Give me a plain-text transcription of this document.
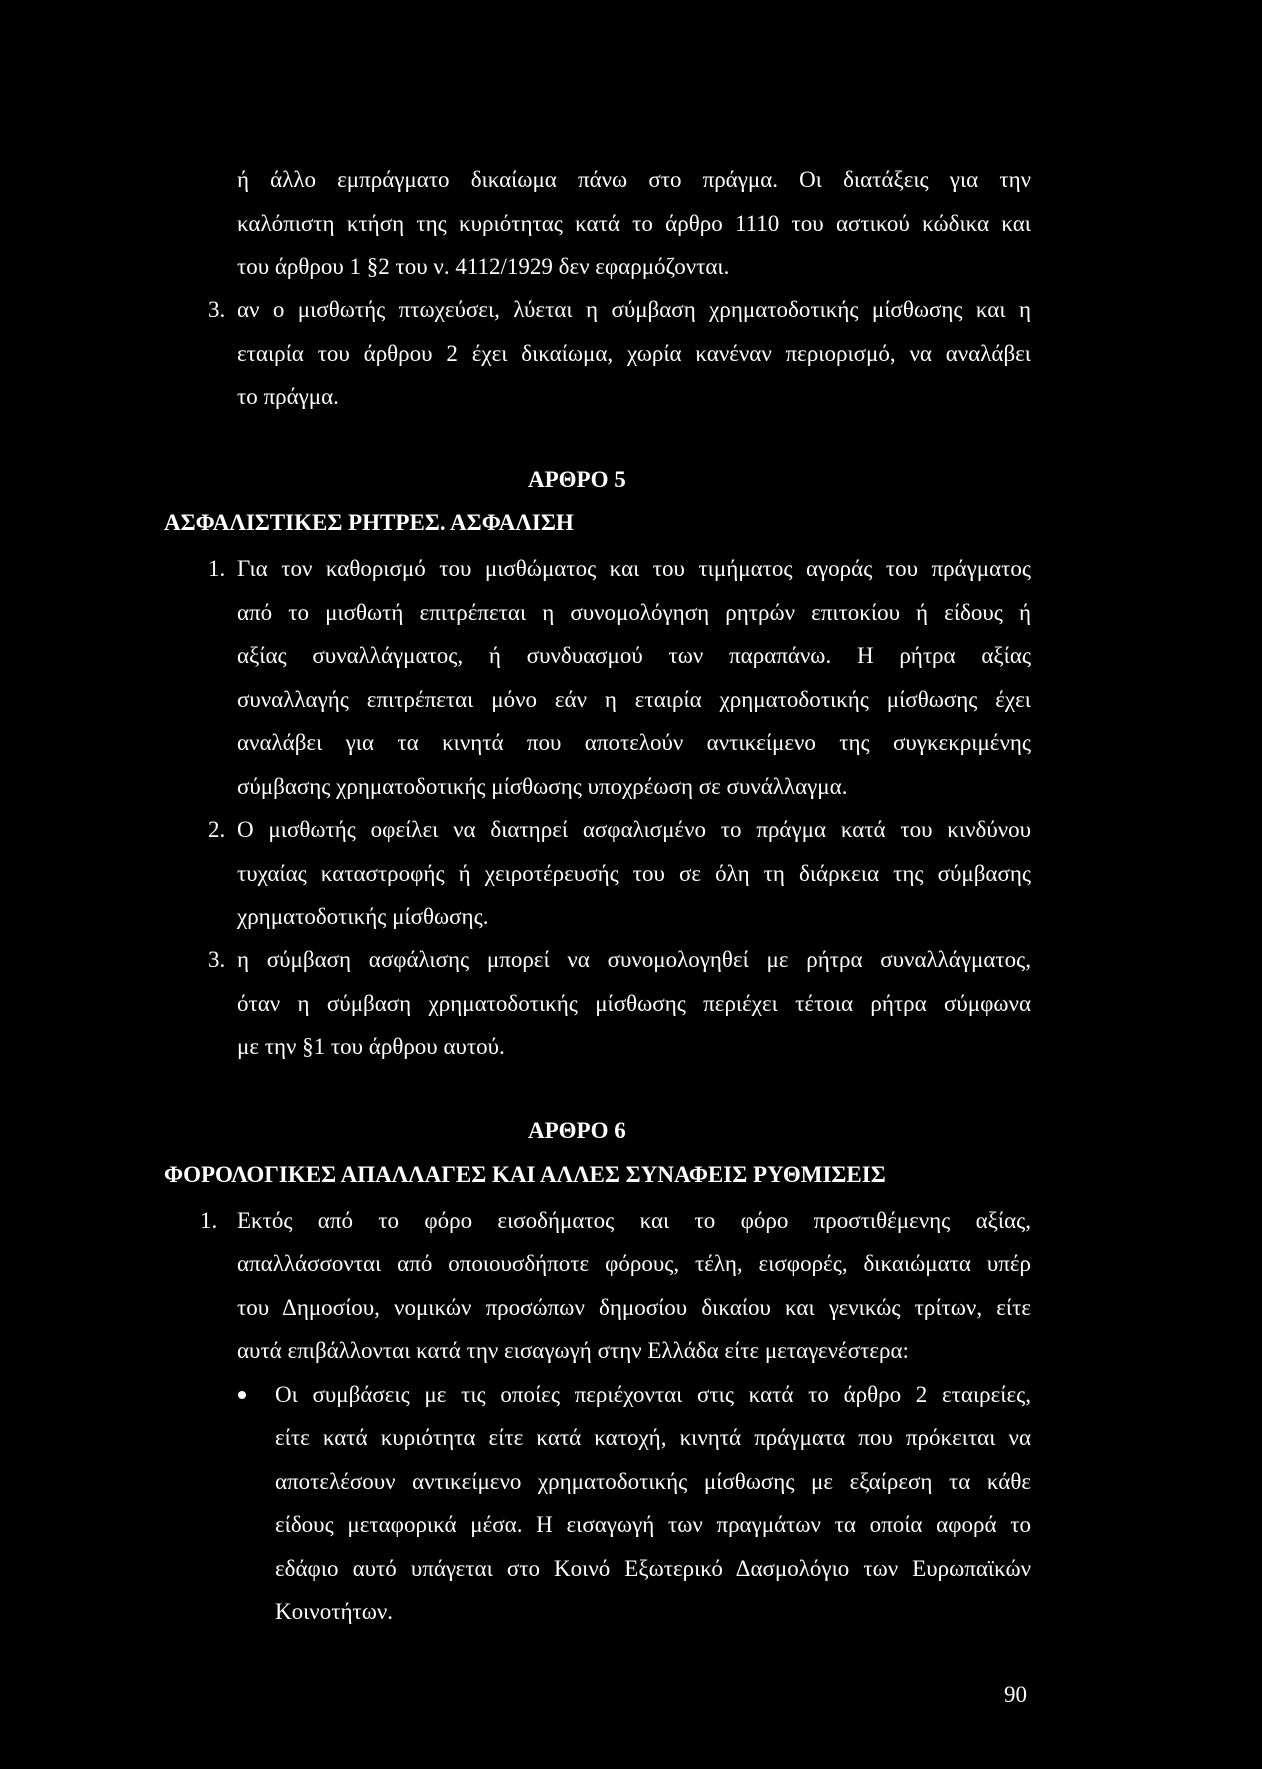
ή άλλο εμπράγματο δικαίωμα πάνω στο πράγμα. Οι διατάξεις για την
καλόπιστη κτήση της κυριότητας κατά το άρθρο 1110 του αστικού κώδικα και
του άρθρου 1 §2 του ν. 4112/1929 δεν εφαρμόζονται.
3. αν ο μισθωτής πτωχεύσει, λύεται η σύμβαση χρηματοδοτικής μίσθωσης και η
εταιρία του άρθρου 2 έχει δικαίωμα, χωρία κανέναν περιορισμό, να αναλάβει
το πράγμα.
ΑΡΘΡΟ 5
ΑΣΦΑΛΙΣΤΙΚΕΣ ΡΗΤΡΕΣ. ΑΣΦΑΛΙΣΗ
1. Για τον καθορισμό του μισθώματος και του τιμήματος αγοράς του πράγματος
από το μισθωτή επιτρέπεται η συνομολόγηση ρητρών επιτοκίου ή είδους ή
αξίας συναλλάγματος, ή συνδυασμού των παραπάνω. Η ρήτρα αξίας
συναλλαγής επιτρέπεται μόνο εάν η εταιρία χρηματοδοτικής μίσθωσης έχει
αναλάβει για τα κινητά που αποτελούν αντικείμενο της συγκεκριμένης
σύμβασης χρηματοδοτικής μίσθωσης υποχρέωση σε συνάλλαγμα.
2. Ο μισθωτής οφείλει να διατηρεί ασφαλισμένο το πράγμα κατά του κινδύνου
τυχαίας καταστροφής ή χειροτέρευσής του σε όλη τη διάρκεια της σύμβασης
χρηματοδοτικής μίσθωσης.
3. η σύμβαση ασφάλισης μπορεί να συνομολογηθεί με ρήτρα συναλλάγματος,
όταν η σύμβαση χρηματοδοτικής μίσθωσης περιέχει τέτοια ρήτρα σύμφωνα
με την §1 του άρθρου αυτού.
ΑΡΘΡΟ 6
ΦΟΡΟΛΟΓΙΚΕΣ ΑΠΑΛΛΑΓΕΣ ΚΑΙ ΑΛΛΕΣ ΣΥΝΑΦΕΙΣ ΡΥΘΜΙΣΕΙΣ
1. Εκτός από το φόρο εισοδήματος και το φόρο προστιθέμενης αξίας,
απαλλάσσονται από οποιουσδήποτε φόρους, τέλη, εισφορές, δικαιώματα υπέρ
του Δημοσίου, νομικών προσώπων δημοσίου δικαίου και γενικώς τρίτων, είτε
αυτά επιβάλλονται κατά την εισαγωγή στην Ελλάδα είτε μεταγενέστερα:
Οι συμβάσεις με τις οποίες περιέχονται στις κατά το άρθρο 2 εταιρείες,
είτε κατά κυριότητα είτε κατά κατοχή, κινητά πράγματα που πρόκειται να
αποτελέσουν αντικείμενο χρηματοδοτικής μίσθωσης με εξαίρεση τα κάθε
είδους μεταφορικά μέσα. Η εισαγωγή των πραγμάτων τα οποία αφορά το
εδάφιο αυτό υπάγεται στο Κοινό Εξωτερικό Δασμολόγιο των Ευρωπαϊκών
Κοινοτήτων.
90
